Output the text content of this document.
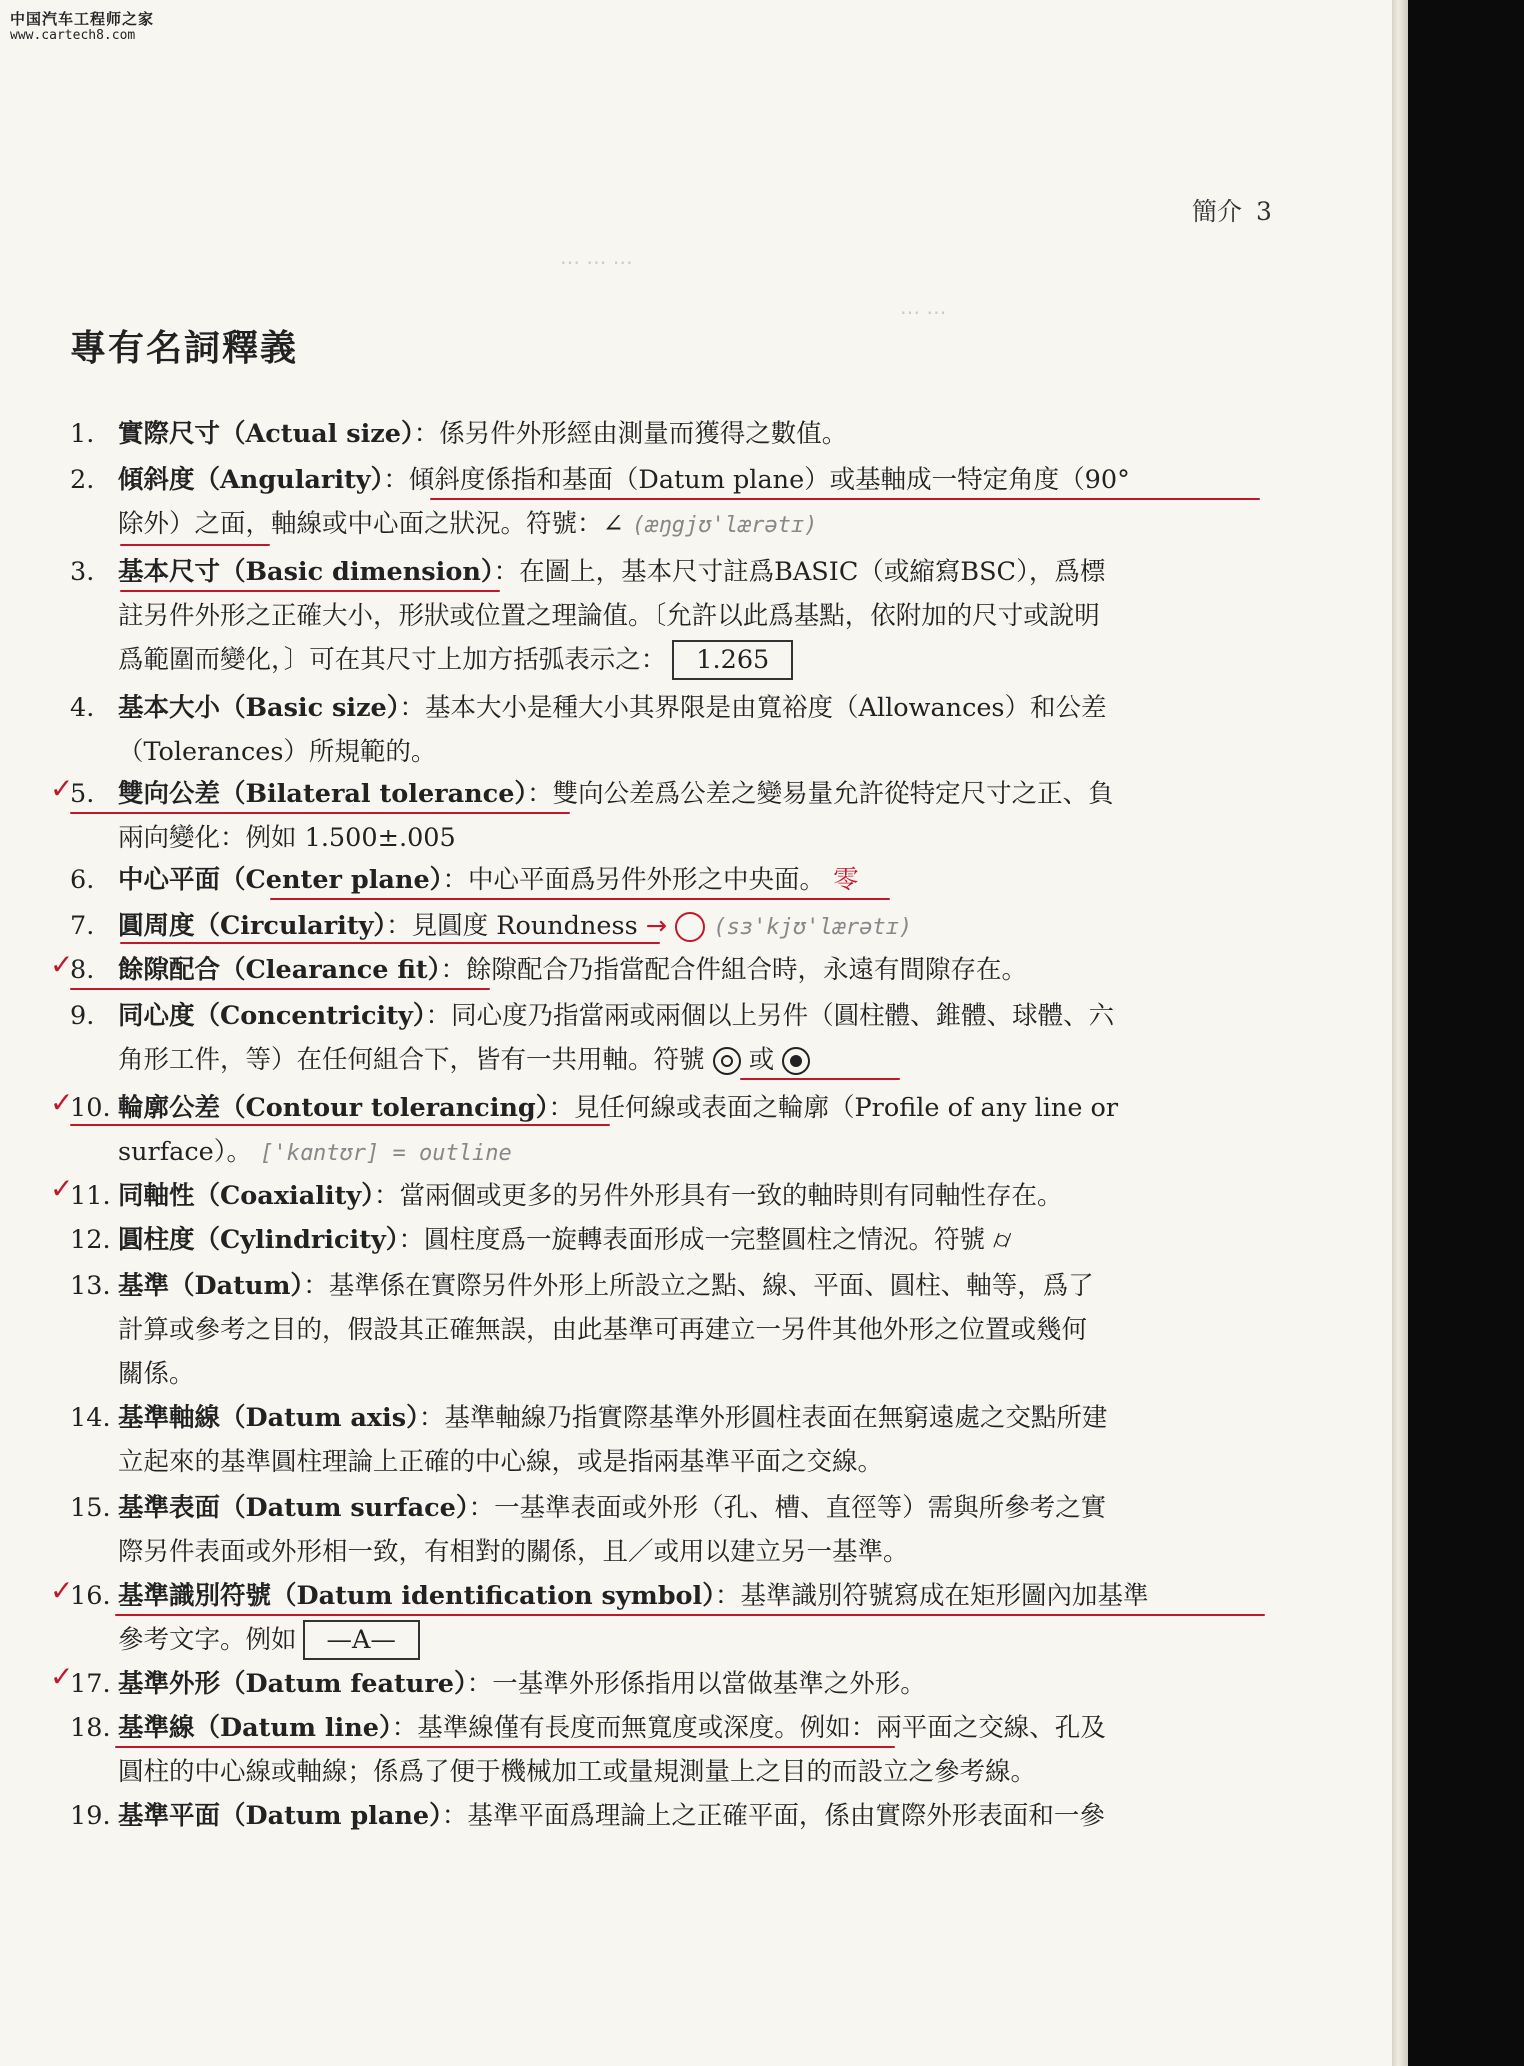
中国汽车工程师之家
www.cartech8.com
簡介 3
專有名詞釋義
1. 實際尺寸（Actual size）：係另件外形經由測量而獲得之數值。
2. 傾斜度（Angularity）：傾斜度係指和基面（Datum plane）或基軸成一特定角度（90°
除外）之面，軸線或中心面之狀況。符號：∠ (æŋgjʊ'lærətɪ)
3. 基本尺寸（Basic dimension）：在圖上，基本尺寸註爲BASIC（或縮寫BSC），爲標
註另件外形之正確大小，形狀或位置之理論值。〔允許以此爲基點，依附加的尺寸或說明
爲範圍而變化，〕可在其尺寸上加方括弧表示之： 1.265
4. 基本大小（Basic size）：基本大小是種大小其界限是由寬裕度（Allowances）和公差
（Tolerances）所規範的。
5. 雙向公差（Bilateral tolerance）：雙向公差爲公差之變易量允許從特定尺寸之正、負
兩向變化：例如 1.500±.005
6. 中心平面（Center plane）：中心平面爲另件外形之中央面。 零
7. 圓周度（Circularity）：見圓度 Roundness → (sɜ'kjʊ'lærətɪ)
8. 餘隙配合（Clearance fit）：餘隙配合乃指當配合件組合時，永遠有間隙存在。
9. 同心度（Concentricity）：同心度乃指當兩或兩個以上另件（圓柱體、錐體、球體、六
角形工件，等）在任何組合下，皆有一共用軸。符號 或
10. 輪廓公差（Contour tolerancing）：見任何線或表面之輪廓（Profile of any line or
surface）。 ['kɑntʊr] = outline
11. 同軸性（Coaxiality）：當兩個或更多的另件外形具有一致的軸時則有同軸性存在。
12. 圓柱度（Cylindricity）：圓柱度爲一旋轉表面形成一完整圓柱之情況。符號 ⌭
13. 基準（Datum）：基準係在實際另件外形上所設立之點、線、平面、圓柱、軸等，爲了
計算或參考之目的，假設其正確無誤，由此基準可再建立一另件其他外形之位置或幾何
關係。
14. 基準軸線（Datum axis）：基準軸線乃指實際基準外形圓柱表面在無窮遠處之交點所建
立起來的基準圓柱理論上正確的中心線，或是指兩基準平面之交線。
15. 基準表面（Datum surface）：一基準表面或外形（孔、槽、直徑等）需與所參考之實
際另件表面或外形相一致，有相對的關係，且／或用以建立另一基準。
16. 基準識別符號（Datum identification symbol）：基準識別符號寫成在矩形圖內加基準
參考文字。例如 —A—
17. 基準外形（Datum feature）：一基準外形係指用以當做基準之外形。
18. 基準線（Datum line）：基準線僅有長度而無寬度或深度。例如：兩平面之交線、孔及
圓柱的中心線或軸線；係爲了便于機械加工或量規測量上之目的而設立之參考線。
19. 基準平面（Datum plane）：基準平面爲理論上之正確平面，係由實際外形表面和一參
✓
✓
✓
✓
✓
✓
⋯ ⋯ ⋯
⋯ ⋯
